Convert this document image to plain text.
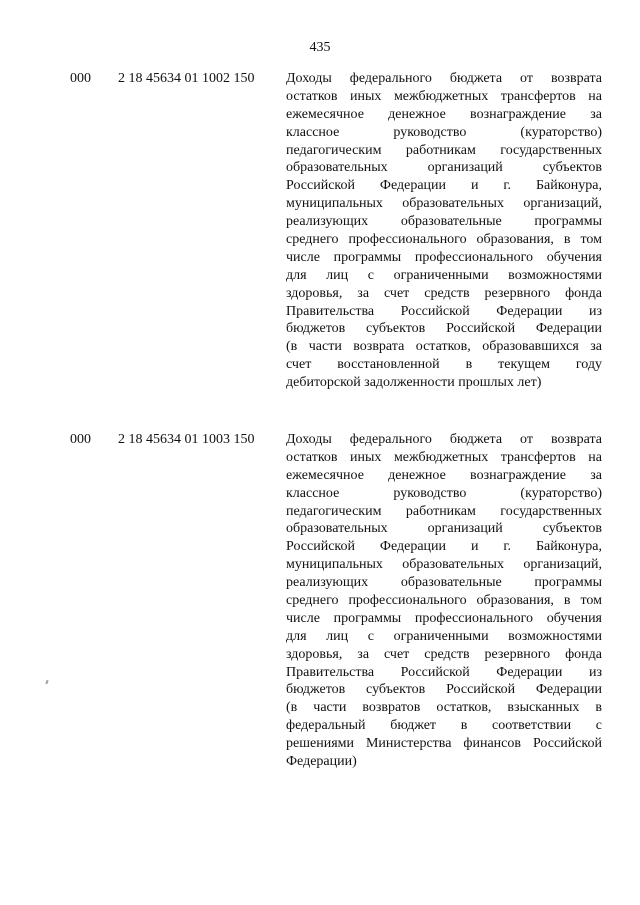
435
000 2 18 45634 01 1002 150 Доходы федерального бюджета от возврата
остатков иных межбюджетных трансфертов на
ежемесячное денежное вознаграждение за
классное руководство (кураторство)
педагогическим работникам государственных
образовательных организаций субъектов
Российской Федерации и г. Байконура,
муниципальных образовательных организаций,
реализующих образовательные программы
среднего профессионального образования, в том
числе программы профессионального обучения
для лиц с ограниченными возможностями
здоровья, за счет средств резервного фонда
Правительства Российской Федерации из
бюджетов субъектов Российской Федерации
(в части возврата остатков, образовавшихся за
счет восстановленной в текущем году
дебиторской задолженности прошлых лет)
000 2 18 45634 01 1003 150 Доходы федерального бюджета от возврата
остатков иных межбюджетных трансфертов на
ежемесячное денежное вознаграждение за
классное руководство (кураторство)
педагогическим работникам государственных
образовательных организаций субъектов
Российской Федерации и г. Байконура,
муниципальных образовательных организаций,
реализующих образовательные программы
среднего профессионального образования, в том
числе программы профессионального обучения
для лиц с ограниченными возможностями
здоровья, за счет средств резервного фонда
Правительства Российской Федерации из
бюджетов субъектов Российской Федерации
(в части возвратов остатков, взысканных в
федеральный бюджет в соответствии с
решениями Министерства финансов Российской
Федерации)
